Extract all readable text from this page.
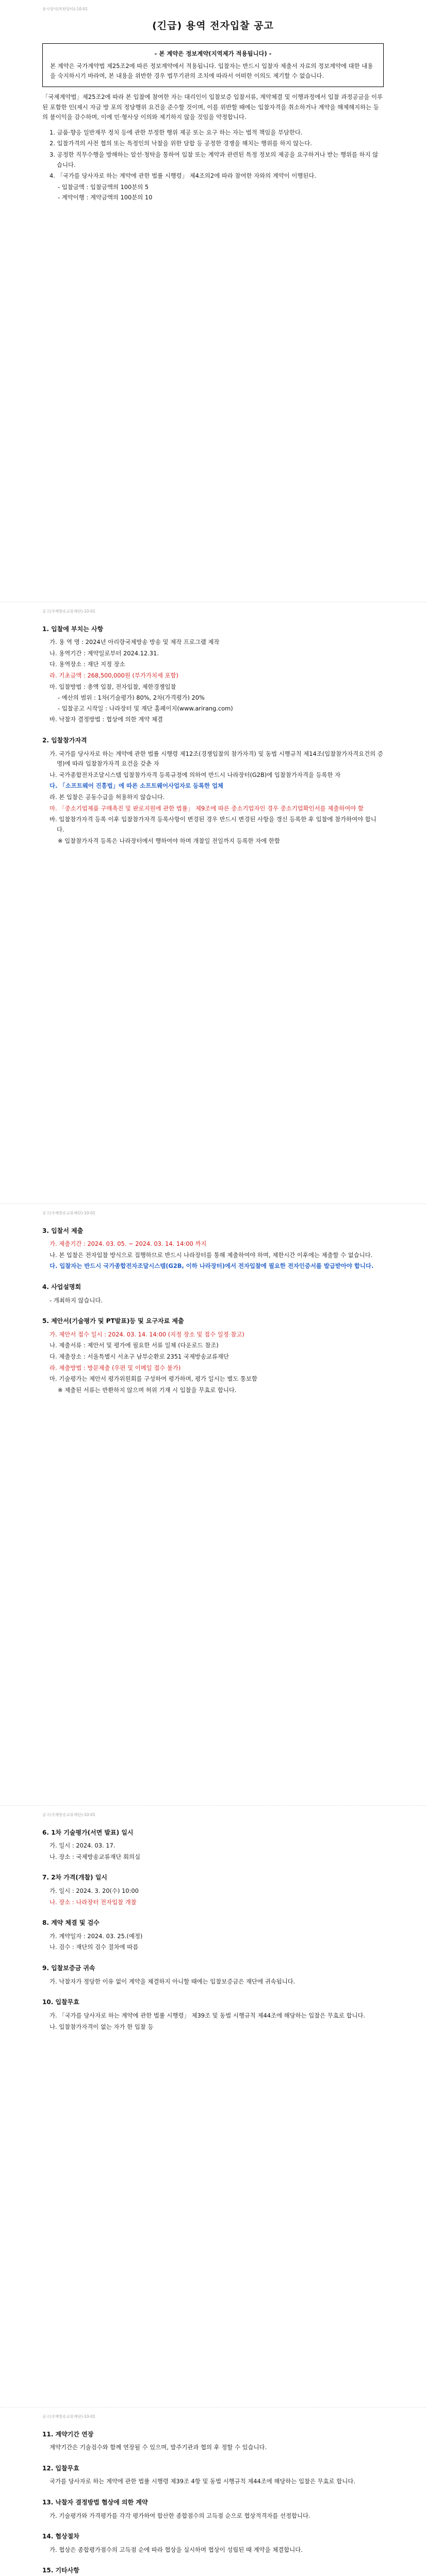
용시양식(목탄당타)-10-01
(긴급) 용역 전자입찰 공고
- 본 계약은 정보계약(지역제가 적용됩니다) -
본 계약은 국가계약법 제25조2에 따른 정보계약에서 적용됩니다. 입찰자는 반드시 입찰자 제출서 자료의 정보계약에 대한 내용을 숙지하시기 바라며, 본 내용을 위반한 경우 법무기관의 조치에 따라서 어떠한 이의도 제기할 수 없습니다.
「국제계약법」제25조2에 따라 본 입찰에 참여한 자는 대리인이 입찰보증 입찰서류, 계약체결 및 이행과정에서 입찰 과정공금을 이루된 포함한 인(제시 자금 방 포의 정당행위 요건을 준수할 것이며, 이를 위반할 때에는 입찰자격을 취소하거나 계약을 해제해지하는 등의 불이익을 감수하며, 이에 민·형사상 이의와 제기하지 않을 것임을 약정합니다.
1. 금품·향응 일반재무 정치 등에 관한 부정한 행위 제공 또는 요구 하는 자는 법적 책임을 부담한다.
2. 입찰가격의 사전 협의 또는 특정인의 낙찰을 위한 담합 등 공정한 경쟁을 해치는 행위를 하지 않는다.
3. 공정한 직무수행을 방해하는 알선·청탁을 통하여 입찰 또는 계약과 관련된 특정 정보의 제공을 요구하거나 받는 행위를 하지 않습니다.
4. 「국가를 당사자로 하는 계약에 관한 법률 시행령」 제4조의2에 따라 참여한 자와의 계약이 이행된다.
- 입찰금액 : 입찰금액의 100분의 5
- 계약이행 : 계약금액의 100분의 10
공고(국제방송교류재단)-10-01
1. 입찰에 부치는 사항
가. 용 역 명 : 2024년 아리랑국제방송 방송 및 제작 프로그램 제작
나. 용역기간 : 계약일로부터 2024.12.31.
다. 용역장소 : 재단 지정 장소
라. 기초금액 : 268,500,000원 (부가가치세 포함)
마. 입찰방법 : 총액 입찰, 전자입찰, 제한경쟁입찰
- 예산의 범위 : 1차(기술평가) 80%, 2차(가격평가) 20%
- 입찰공고 시작일 : 나라장터 및 재단 홈페이지(www.arirang.com)
바. 낙찰자 결정방법 : 협상에 의한 계약 체결
2. 입찰참가자격
가. 국가를 당사자로 하는 계약에 관한 법률 시행령 제12조(경쟁입찰의 참가자격) 및 동법 시행규칙 제14조(입찰참가자격요건의 증명)에 따라 입찰참가자격 요건을 갖춘 자
나. 국가종합전자조달시스템 입찰참가자격 등록규정에 의하여 반드시 나라장터(G2B)에 입찰참가자격을 등록한 자
다. 「소프트웨어 진흥법」에 따른 소프트웨어사업자로 등록한 업체
라. 본 입찰은 공동수급을 허용하지 않습니다.
마. 「중소기업제품 구매촉진 및 판로지원에 관한 법률」 제9조에 따른 중소기업자인 경우 중소기업확인서를 제출하여야 함
바. 입찰참가자격 등록 이후 입찰참가자격 등록사항이 변경된 경우 반드시 변경된 사항을 갱신 등록한 후 입찰에 참가하여야 합니다.
※ 입찰참가자격 등록은 나라장터에서 행하여야 하며 개찰일 전일까지 등록한 자에 한함
공고(국제방송교류재단)-10-01
3. 입찰서 제출
가. 제출기간 : 2024. 03. 05. ~ 2024. 03. 14. 14:00 까지
나. 본 입찰은 전자입찰 방식으로 집행하므로 반드시 나라장터를 통해 제출하여야 하며, 제한시간 이후에는 제출할 수 없습니다.
다. 입찰자는 반드시 국가종합전자조달시스템(G2B, 이하 나라장터)에서 전자입찰에 필요한 전자인증서를 발급받아야 합니다.
4. 사업설명회
- 개최하지 않습니다.
5. 제안서(기술평가 및 PT발표)등 및 요구자료 제출
가. 제안서 접수 일시 : 2024. 03. 14. 14:00 (지정 장소 및 접수 일정 참고)
나. 제출서류 : 제안서 및 평가에 필요한 서류 일체 (다운로드 참조)
다. 제출장소 : 서울특별시 서초구 남부순환로 2351 국제방송교류재단
라. 제출방법 : 방문제출 (우편 및 이메일 접수 불가)
마. 기술평가는 제안서 평가위원회를 구성하여 평가하며, 평가 일시는 별도 통보함
※ 제출된 서류는 반환하지 않으며 허위 기재 시 입찰을 무효로 합니다.
공고(국제방송교류재단)-10-01
6. 1차 기술평가(서면 발표) 일시
가. 일시 : 2024. 03. 17.
나. 장소 : 국제방송교류재단 회의실
7. 2차 가격(개찰) 일시
가. 일시 : 2024. 3. 20(수) 10:00
나. 장소 : 나라장터 전자입찰 개찰
8. 계약 체결 및 검수
가. 계약일자 : 2024. 03. 25.(예정)
나. 검수 : 재단의 검수 절차에 따름
9. 입찰보증금 귀속
가. 낙찰자가 정당한 이유 없이 계약을 체결하지 아니할 때에는 입찰보증금은 재단에 귀속됩니다.
10. 입찰무효
가. 「국가를 당사자로 하는 계약에 관한 법률 시행령」 제39조 및 동법 시행규칙 제44조에 해당하는 입찰은 무효로 합니다.
나. 입찰참가자격이 없는 자가 한 입찰 등
공고(국제방송교류재단)-10-01
11. 계약기간 연장
계약기간은 기술검수와 함께 연장될 수 있으며, 발주기관과 협의 후 정할 수 있습니다.
12. 입찰무효
국가를 당사자로 하는 계약에 관한 법률 시행령 제39조 4항 및 동법 시행규칙 제44조에 해당하는 입찰은 무효로 합니다.
13. 낙찰자 결정방법 협상에 의한 계약
가. 기술평가와 가격평가를 각각 평가하여 합산한 종합점수의 고득점 순으로 협상적격자를 선정합니다.
14. 협상절차
가. 협상은 종합평가점수의 고득점 순에 따라 협상을 실시하며 협상이 성립된 때 계약을 체결합니다.
15. 기타사항
